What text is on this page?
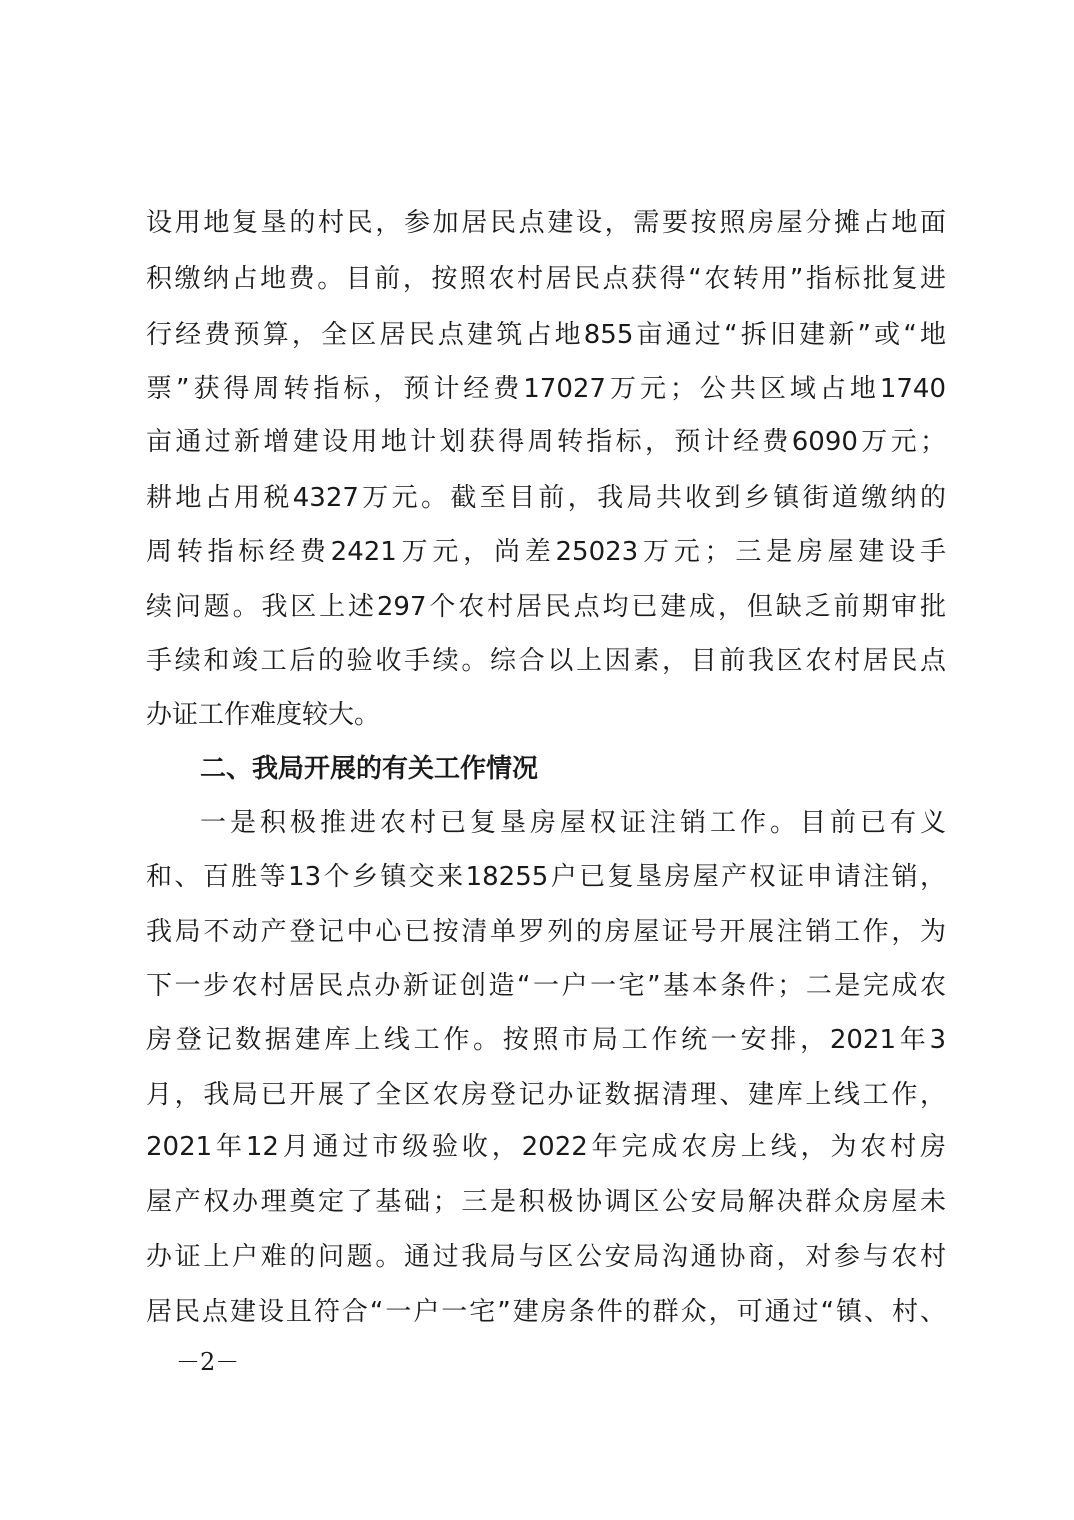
设用地复垦的村民，参加居民点建设，需要按照房屋分摊占地面
积缴纳占地费。目前，按照农村居民点获得“农转用”指标批复进
行经费预算，全区居民点建筑占地855亩通过“拆旧建新”或“地
票”获得周转指标，预计经费17027万元；公共区域占地1740
亩通过新增建设用地计划获得周转指标，预计经费6090万元；
耕地占用税4327万元。截至目前，我局共收到乡镇街道缴纳的
周转指标经费2421万元，尚差25023万元；三是房屋建设手
续问题。我区上述297个农村居民点均已建成，但缺乏前期审批
手续和竣工后的验收手续。综合以上因素，目前我区农村居民点
办证工作难度较大。
二、我局开展的有关工作情况
一是积极推进农村已复垦房屋权证注销工作。目前已有义
和、百胜等13个乡镇交来18255户已复垦房屋产权证申请注销，
我局不动产登记中心已按清单罗列的房屋证号开展注销工作，为
下一步农村居民点办新证创造“一户一宅”基本条件；二是完成农
房登记数据建库上线工作。按照市局工作统一安排，2021年3
月，我局已开展了全区农房登记办证数据清理、建库上线工作，
2021年12月通过市级验收，2022年完成农房上线，为农村房
屋产权办理奠定了基础；三是积极协调区公安局解决群众房屋未
办证上户难的问题。通过我局与区公安局沟通协商，对参与农村
居民点建设且符合“一户一宅”建房条件的群众，可通过“镇、村、
－2－
